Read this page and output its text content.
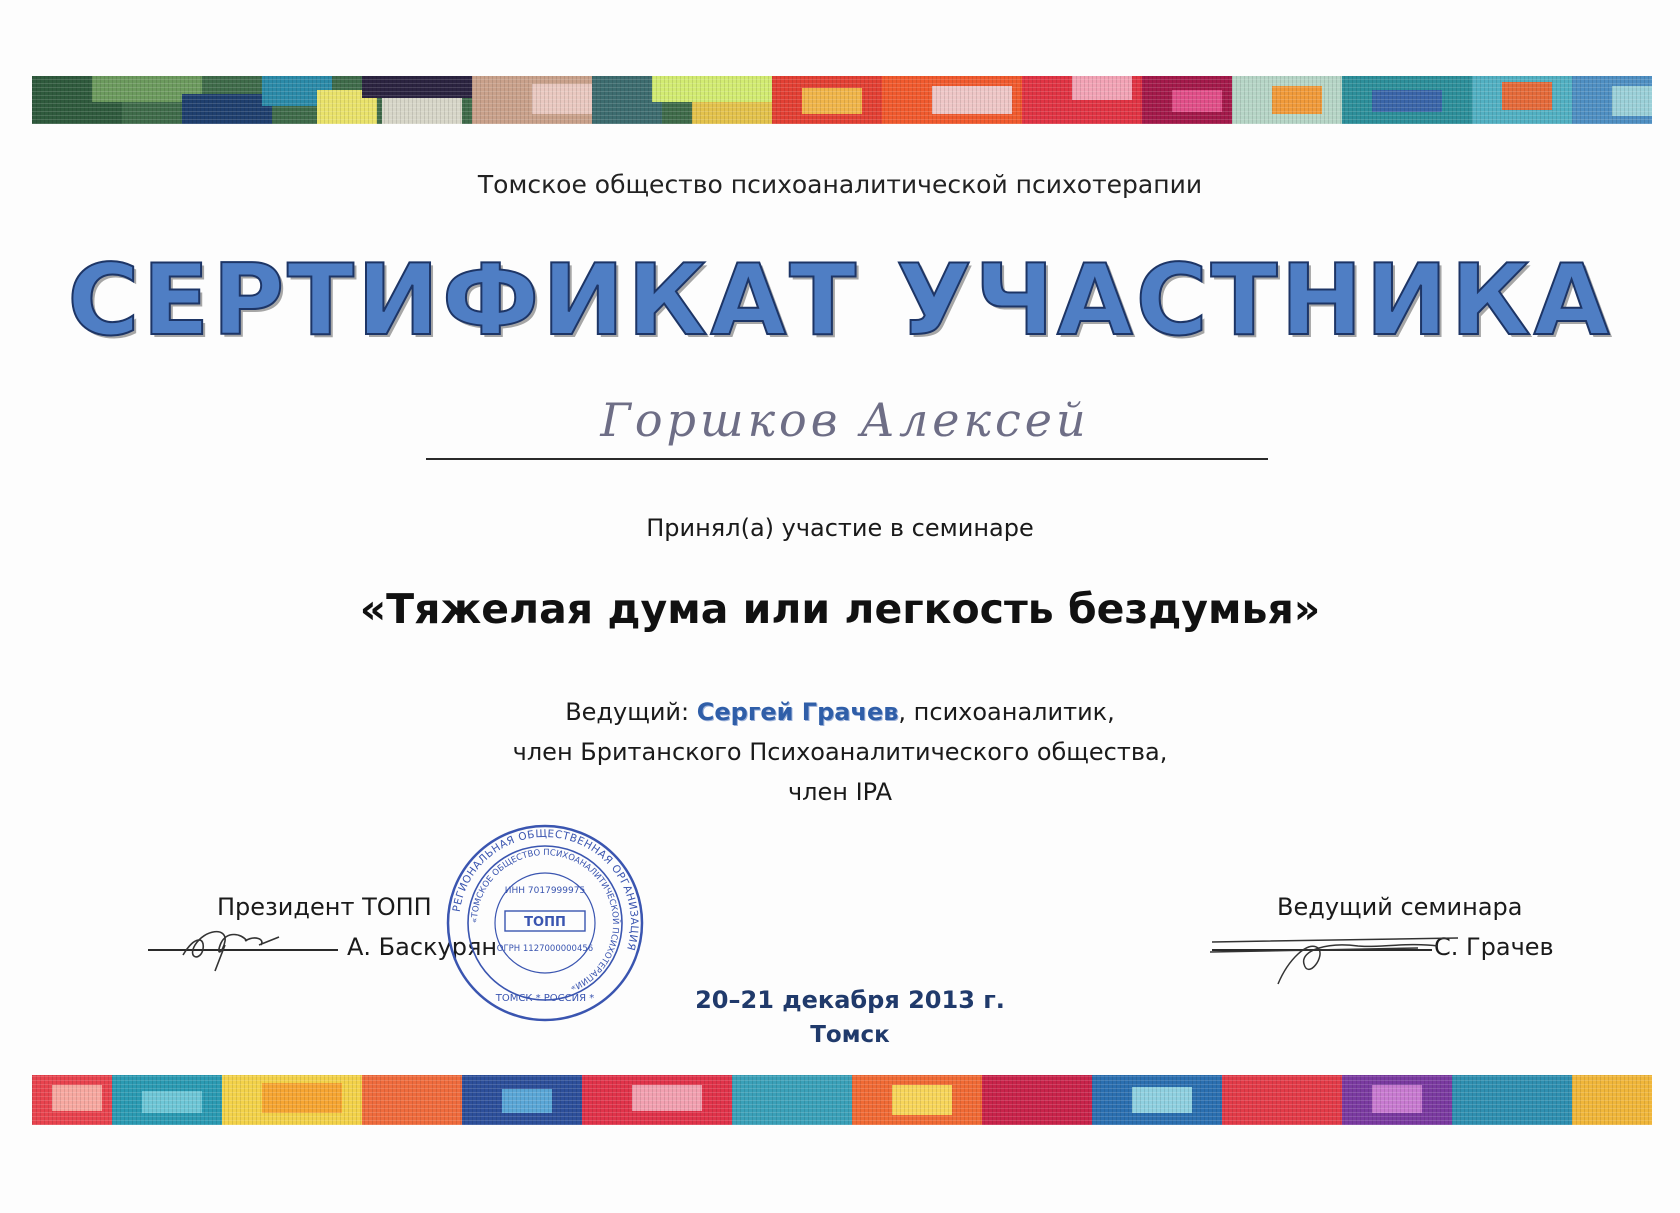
Томское общество психоаналитической психотерапии
СЕРТИФИКАТ УЧАСТНИКА
Горшков Алексей
Принял(а) участие в семинаре
«Тяжелая дума или легкость бездумья»
Ведущий: Сергей Грачев, психоаналитик,
член Британского Психоаналитического общества,
член IPA
Президент ТОПП
А. Баскурян
РЕГИОНАЛЬНАЯ ОБЩЕСТВЕННАЯ ОРГАНИЗАЦИЯ
«ТОМСКОЕ ОБЩЕСТВО ПСИХОАНАЛИТИЧЕСКОЙ ПСИХОТЕРАПИИ»
ИНН 7017999975
ТОПП
ОГРН 1127000000456
ТОМСК * РОССИЯ *
Ведущий семинара
С. Грачев
20–21 декабря 2013 г.
Томск
